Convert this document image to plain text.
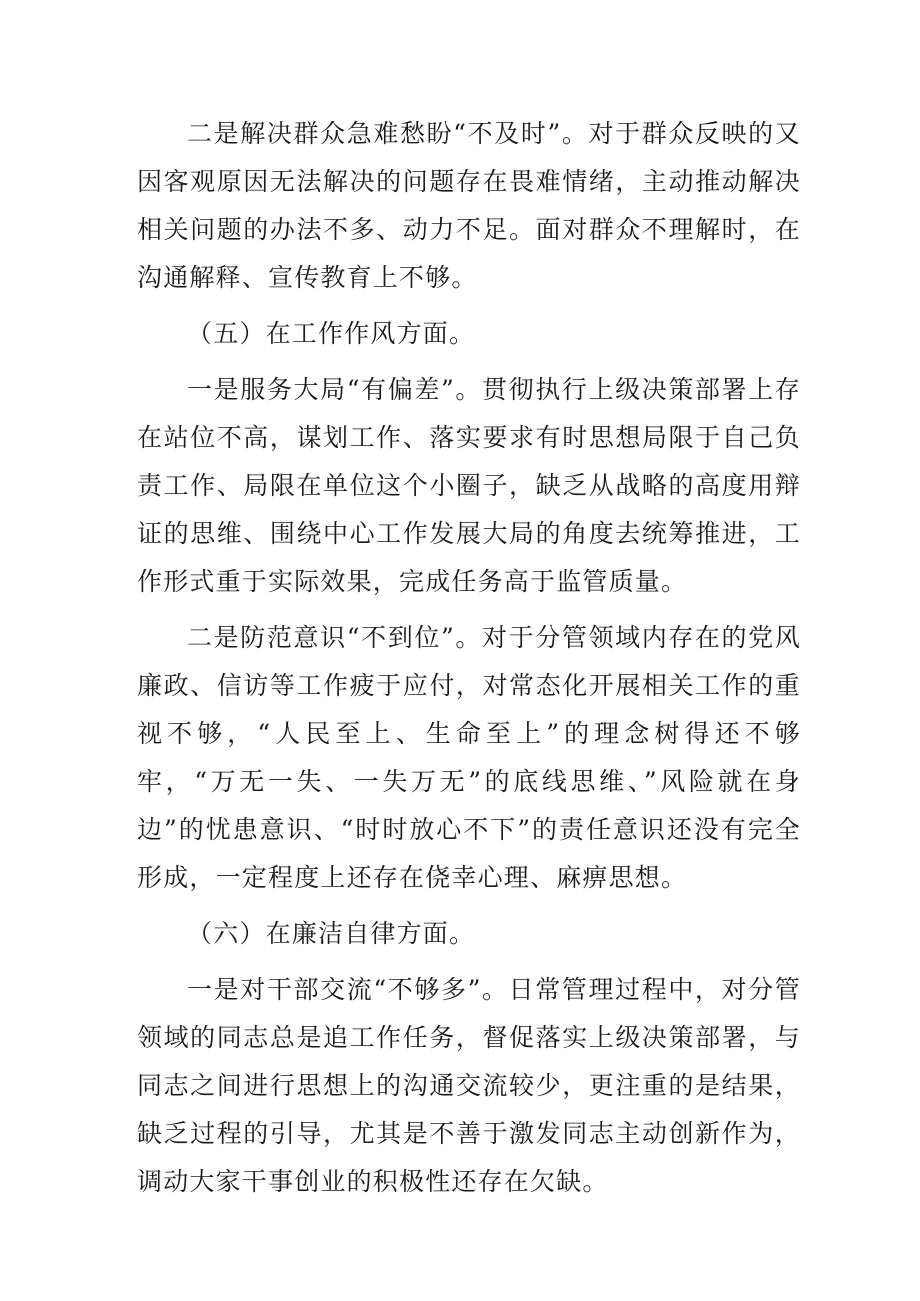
二是解决群众急难愁盼“不及时”。对于群众反映的又因客观原因无法解决的问题存在畏难情绪，主动推动解决相关问题的办法不多、动力不足。面对群众不理解时，在沟通解释、宣传教育上不够。

（五）在工作作风方面。

一是服务大局“有偏差”。贯彻执行上级决策部署上存在站位不高，谋划工作、落实要求有时思想局限于自己负责工作、局限在单位这个小圈子，缺乏从战略的高度用辩证的思维、围绕中心工作发展大局的角度去统筹推进，工作形式重于实际效果，完成任务高于监管质量。

二是防范意识“不到位”。对于分管领域内存在的党风廉政、信访等工作疲于应付，对常态化开展相关工作的重视不够，“人民至上、生命至上”的理念树得还不够牢，“万无一失、一失万无”的底线思维、”风险就在身边”的忧患意识、“时时放心不下”的责任意识还没有完全形成，一定程度上还存在侥幸心理、麻痹思想。

（六）在廉洁自律方面。

一是对干部交流“不够多”。日常管理过程中，对分管领域的同志总是追工作任务，督促落实上级决策部署，与同志之间进行思想上的沟通交流较少，更注重的是结果，缺乏过程的引导，尤其是不善于激发同志主动创新作为，调动大家干事创业的积极性还存在欠缺。
